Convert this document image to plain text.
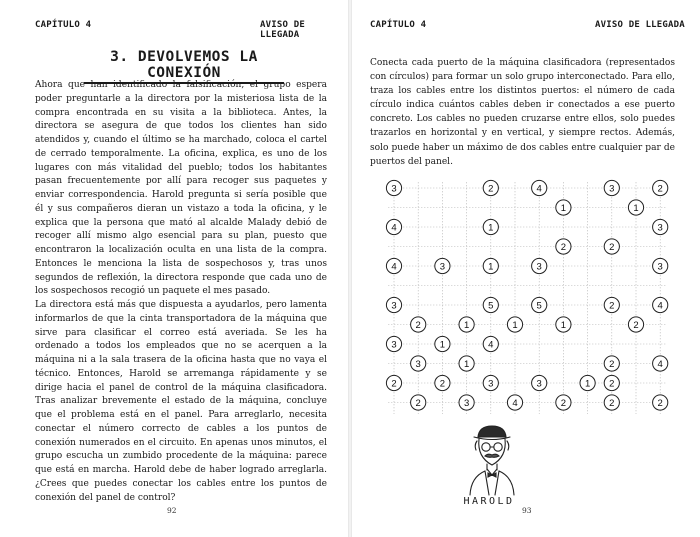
CAPÍTULO 4	AVISO DE LLEGADA
3. DEVOLVEMOS LA CONEXIÓN

Ahora que han identificado la falsificación, el grupo espera poder preguntarle a la directora por la misteriosa lista de la compra encontrada en su visita a la biblioteca. Antes, la directora se asegura de que todos los clientes han sido atendidos y, cuando el último se ha marchado, coloca el cartel de cerrado temporalmente. La oficina, explica, es uno de los lugares con más vitalidad del pueblo; todos los habitantes pasan frecuentemente por allí para recoger sus paquetes y enviar correspondencia. Harold pregunta si sería posible que él y sus compañeros dieran un vistazo a toda la oficina, y le explica que la persona que mató al alcalde Malady debió de recoger allí mismo algo esencial para su plan, puesto que encontraron la localización oculta en una lista de la compra. Entonces le menciona la lista de sospechosos y, tras unos segundos de reflexión, la directora responde que cada uno de los sospechosos recogió un paquete el mes pasado.

La directora está más que dispuesta a ayudarlos, pero lamenta informarlos de que la cinta transportadora de la máquina que sirve para clasificar el correo está averiada. Se les ha ordenado a todos los empleados que no se acerquen a la máquina ni a la sala trasera de la oficina hasta que no vaya el técnico. Entonces, Harold se arremanga rápidamente y se dirige hacia el panel de control de la máquina clasificadora. Tras analizar brevemente el estado de la máquina, concluye que el problema está en el panel. Para arreglarlo, necesita conectar el número correcto de cables a los puntos de conexión numerados en el circuito. En apenas unos minutos, el grupo escucha un zumbido procedente de la máquina: parece que está en marcha. Harold debe de haber logrado arreglarla. ¿Crees que puedes conectar los cables entre los puntos de conexión del panel de control?

92
CAPÍTULO 4	AVISO DE LLEGADA
Conecta cada puerto de la máquina clasificadora (representados con círculos) para formar un solo grupo interconectado. Para ello, traza los cables entre los distintos puertos: el número de cada círculo indica cuántos cables deben ir conectados a ese puerto concreto. Los cables no pueden cruzarse entre ellos, solo puedes trazarlos en horizontal y en vertical, y siempre rectos. Además, solo puede haber un máximo de dos cables entre cualquier par de puertos del panel.
3	2	4	3	2
1	1
4	1	3
2	2
4	3	1	3	3
3	5	5	2	4
2	1	1	1	2
3	1	4
3	1	2	4
2	2	3	3	1 2
2	3	4	2	2	2
HAROLD
93
